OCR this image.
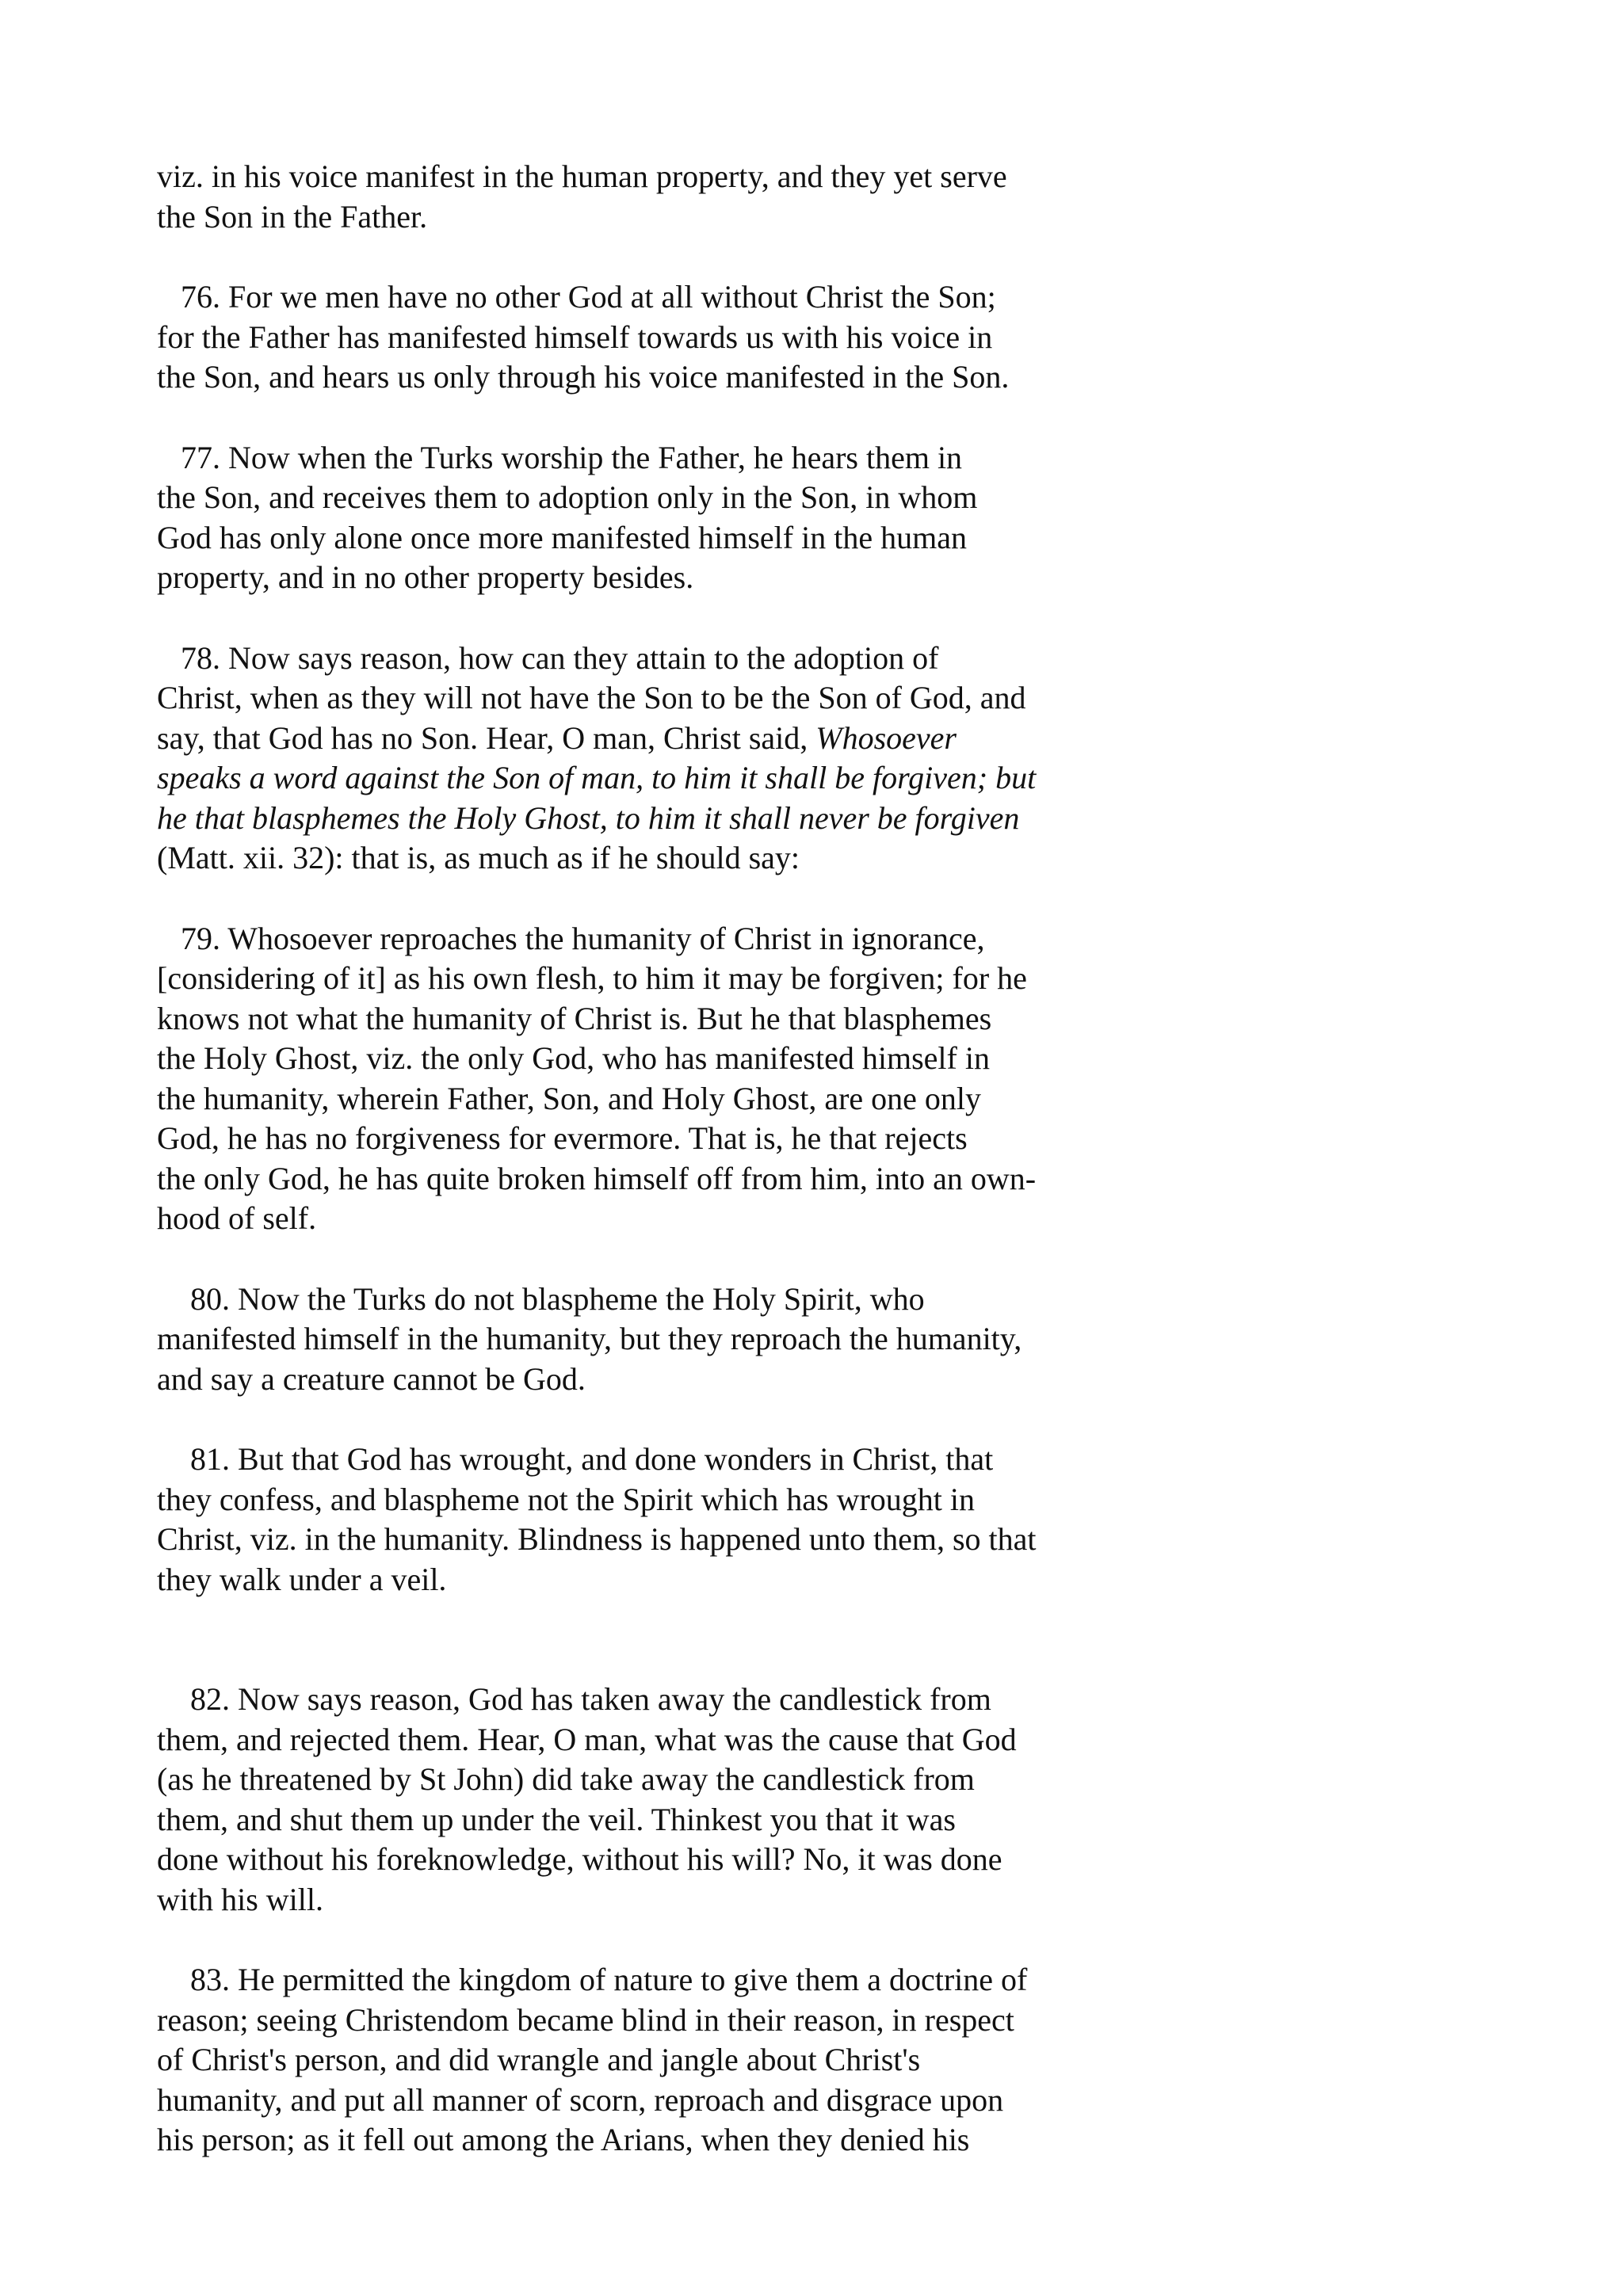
viz. in his voice manifest in the human property, and they yet serve
the Son in the Father.

76. For we men have no other God at all without Christ the Son;
for the Father has manifested himself towards us with his voice in
the Son, and hears us only through his voice manifested in the Son.

77. Now when the Turks worship the Father, he hears them in
the Son, and receives them to adoption only in the Son, in whom
God has only alone once more manifested himself in the human
property, and in no other property besides.

78. Now says reason, how can they attain to the adoption of
Christ, when as they will not have the Son to be the Son of God, and
say, that God has no Son. Hear, O man, Christ said, Whosoever
speaks a word against the Son of man, to him it shall be forgiven; but
he that blasphemes the Holy Ghost, to him it shall never be forgiven
(Matt. xii. 32): that is, as much as if he should say:

79. Whosoever reproaches the humanity of Christ in ignorance,
[considering of it] as his own flesh, to him it may be forgiven; for he
knows not what the humanity of Christ is. But he that blasphemes
the Holy Ghost, viz. the only God, who has manifested himself in
the humanity, wherein Father, Son, and Holy Ghost, are one only
God, he has no forgiveness for evermore. That is, he that rejects
the only God, he has quite broken himself off from him, into an own-
hood of self.

80. Now the Turks do not blaspheme the Holy Spirit, who
manifested himself in the humanity, but they reproach the humanity,
and say a creature cannot be God.

81. But that God has wrought, and done wonders in Christ, that
they confess, and blaspheme not the Spirit which has wrought in
Christ, viz. in the humanity. Blindness is happened unto them, so that
they walk under a veil.

82. Now says reason, God has taken away the candlestick from
them, and rejected them. Hear, O man, what was the cause that God
(as he threatened by St John) did take away the candlestick from
them, and shut them up under the veil. Thinkest you that it was
done without his foreknowledge, without his will? No, it was done
with his will.

83. He permitted the kingdom of nature to give them a doctrine of
reason; seeing Christendom became blind in their reason, in respect
of Christ's person, and did wrangle and jangle about Christ's
humanity, and put all manner of scorn, reproach and disgrace upon
his person; as it fell out among the Arians, when they denied his
